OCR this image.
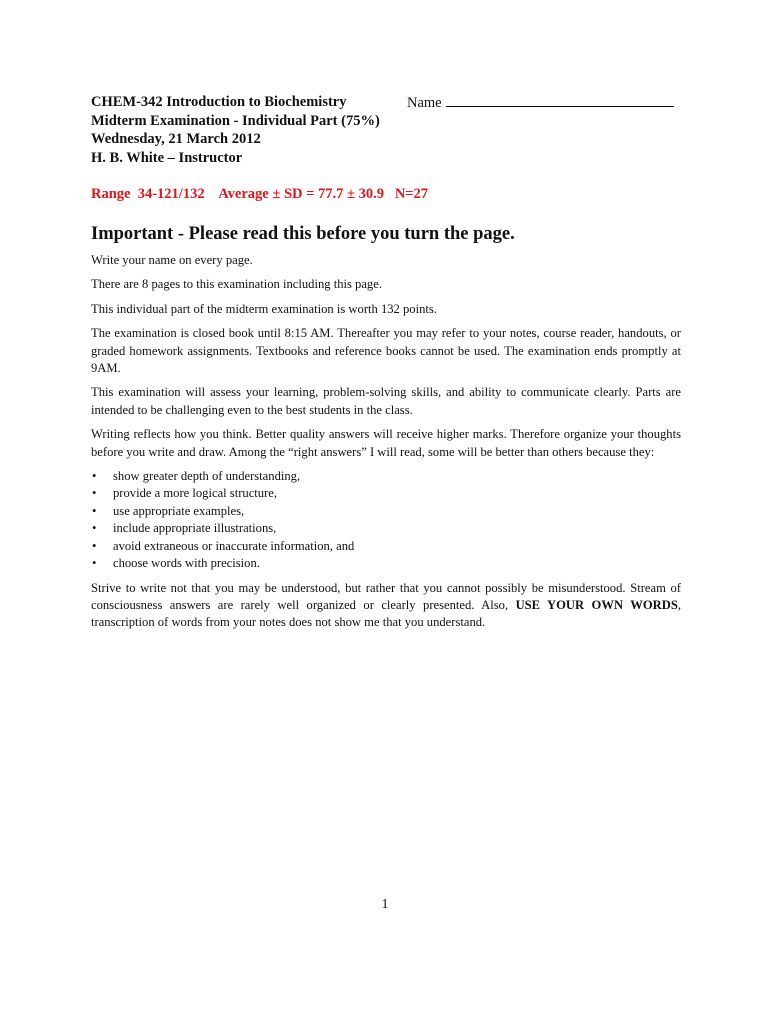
CHEM-342 Introduction to Biochemistry
Midterm Examination - Individual Part (75%)
Wednesday, 21 March 2012
H. B. White – Instructor
Name
Range  34-121/132    Average ± SD = 77.7 ± 30.9   N=27
Important - Please read this before you turn the page.

Write your name on every page.

There are 8 pages to this examination including this page.

This individual part of the midterm examination is worth 132 points.

The examination is closed book until 8:15 AM. Thereafter you may refer to your notes, course reader, handouts, or graded homework assignments. Textbooks and reference books cannot be used. The examination ends promptly at 9AM.

This examination will assess your learning, problem-solving skills, and ability to communicate clearly. Parts are intended to be challenging even to the best students in the class.

Writing reflects how you think. Better quality answers will receive higher marks. Therefore organize your thoughts before you write and draw. Among the “right answers” I will read, some will be better than others because they:

• show greater depth of understanding,
• provide a more logical structure,
• use appropriate examples,
• include appropriate illustrations,
• avoid extraneous or inaccurate information, and
• choose words with precision.

Strive to write not that you may be understood, but rather that you cannot possibly be misunderstood. Stream of consciousness answers are rarely well organized or clearly presented. Also, USE YOUR OWN WORDS, transcription of words from your notes does not show me that you understand.

1
